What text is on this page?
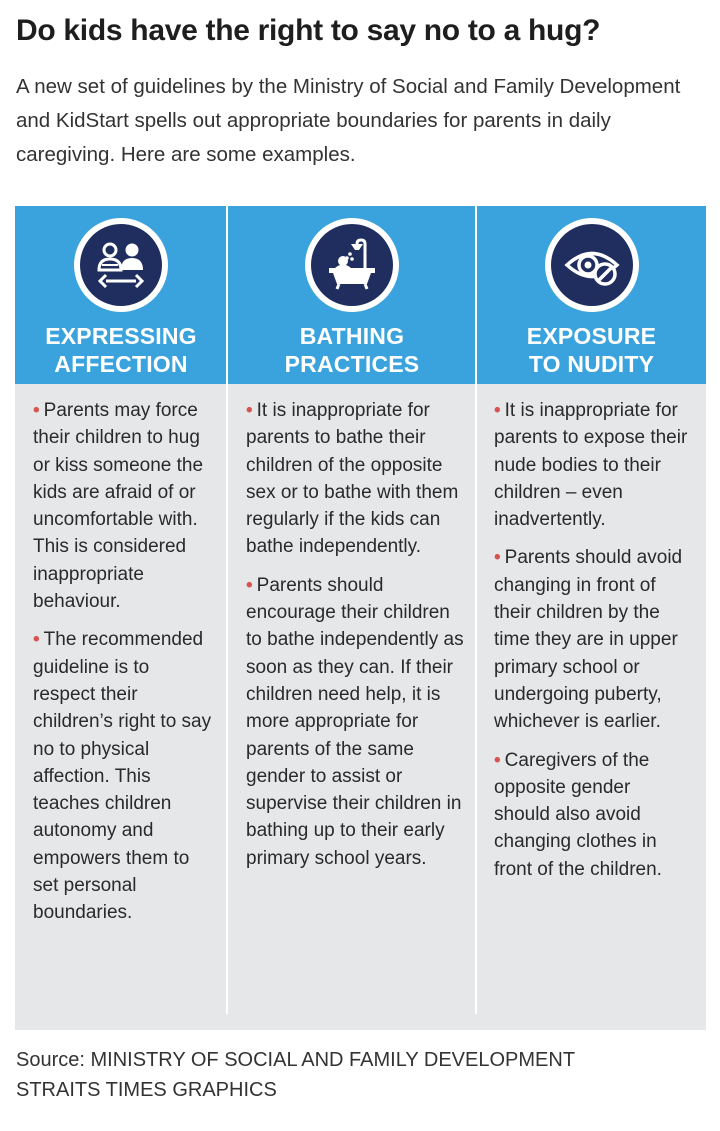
Do kids have the right to say no to a hug?
A new set of guidelines by the Ministry of Social and Family Development and KidStart spells out appropriate boundaries for parents in daily caregiving. Here are some examples.
EXPRESSING
AFFECTION
BATHING
PRACTICES
EXPOSURE
TO NUDITY

• Parents may force their children to hug or kiss someone the kids are afraid of or uncomfortable with. This is considered inappropriate behaviour.

• The recommended guideline is to respect their children’s right to say no to physical affection. This teaches children autonomy and empowers them to set personal boundaries.

• It is inappropriate for parents to bathe their children of the opposite sex or to bathe with them regularly if the kids can bathe independently.

• Parents should encourage their children to bathe independently as soon as they can. If their children need help, it is more appropriate for parents of the same gender to assist or supervise their children in bathing up to their early primary school years.

• It is inappropriate for parents to expose their nude bodies to their children – even inadvertently.

• Parents should avoid changing in front of their children by the time they are in upper primary school or undergoing puberty, whichever is earlier.

• Caregivers of the opposite gender should also avoid changing clothes in front of the children.

Source: MINISTRY OF SOCIAL AND FAMILY DEVELOPMENT
STRAITS TIMES GRAPHICS
